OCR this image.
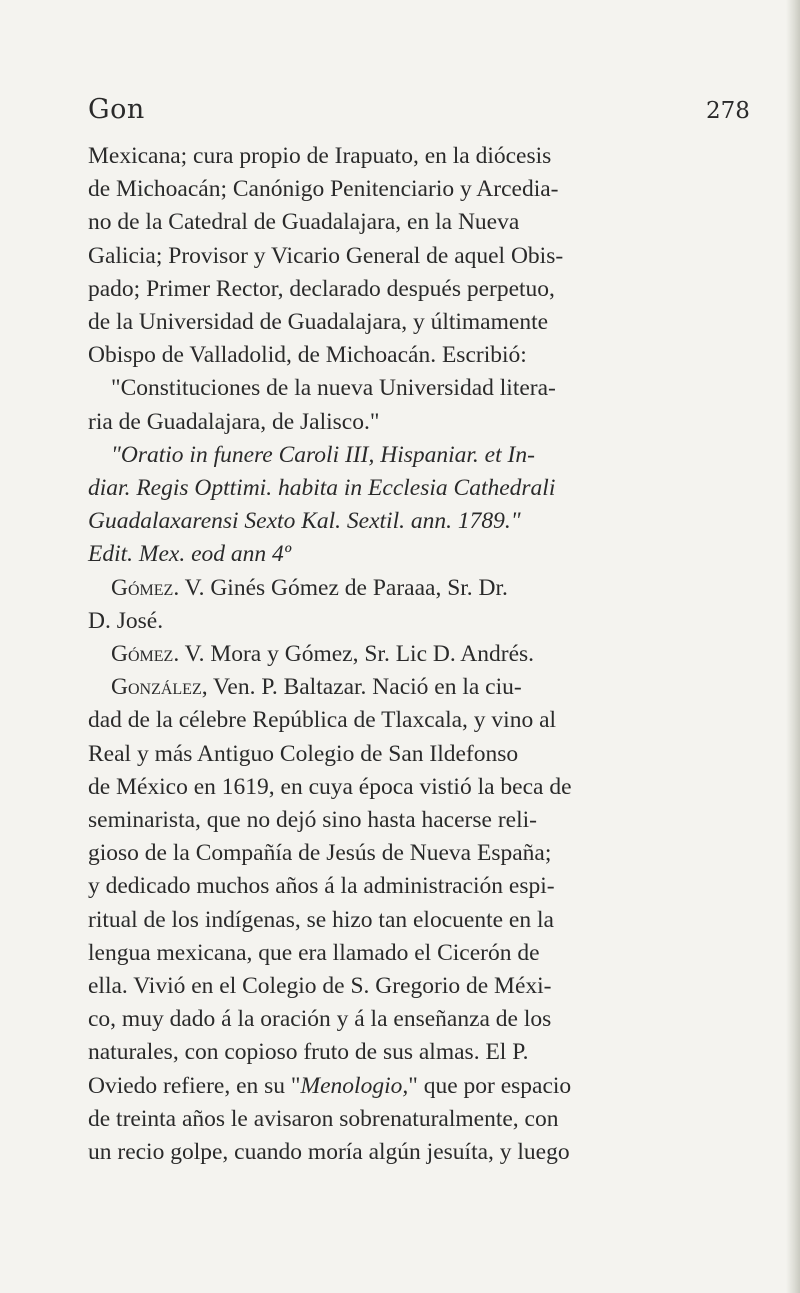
Gon	278
Mexicana; cura propio de Irapuato, en la diócesis
de Michoacán; Canónigo Penitenciario y Arcedia-
no de la Catedral de Guadalajara, en la Nueva
Galicia; Provisor y Vicario General de aquel Obis-
pado; Primer Rector, declarado después perpetuo,
de la Universidad de Guadalajara, y últimamente
Obispo de Valladolid, de Michoacán. Escribió:
"Constituciones de la nueva Universidad litera-
ria de Guadalajara, de Jalisco."
"Oratio in funere Caroli III, Hispaniar. et In-
diar. Regis Opttimi. habita in Ecclesia Cathedrali
Guadalaxarensi Sexto Kal. Sextil. ann. 1789."
Edit. Mex. eod ann 4º
Gómez. V. Ginés Gómez de Paraaa, Sr. Dr.
D. José.
Gómez. V. Mora y Gómez, Sr. Lic D. Andrés.
González, Ven. P. Baltazar. Nació en la ciu-
dad de la célebre República de Tlaxcala, y vino al
Real y más Antiguo Colegio de San Ildefonso
de México en 1619, en cuya época vistió la beca de
seminarista, que no dejó sino hasta hacerse reli-
gioso de la Compañía de Jesús de Nueva España;
y dedicado muchos años á la administración espi-
ritual de los indígenas, se hizo tan elocuente en la
lengua mexicana, que era llamado el Cicerón de
ella. Vivió en el Colegio de S. Gregorio de Méxi-
co, muy dado á la oración y á la enseñanza de los
naturales, con copioso fruto de sus almas. El P.
Oviedo refiere, en su "Menologio," que por espacio
de treinta años le avisaron sobrenaturalmente, con
un recio golpe, cuando moría algún jesuíta, y luego
